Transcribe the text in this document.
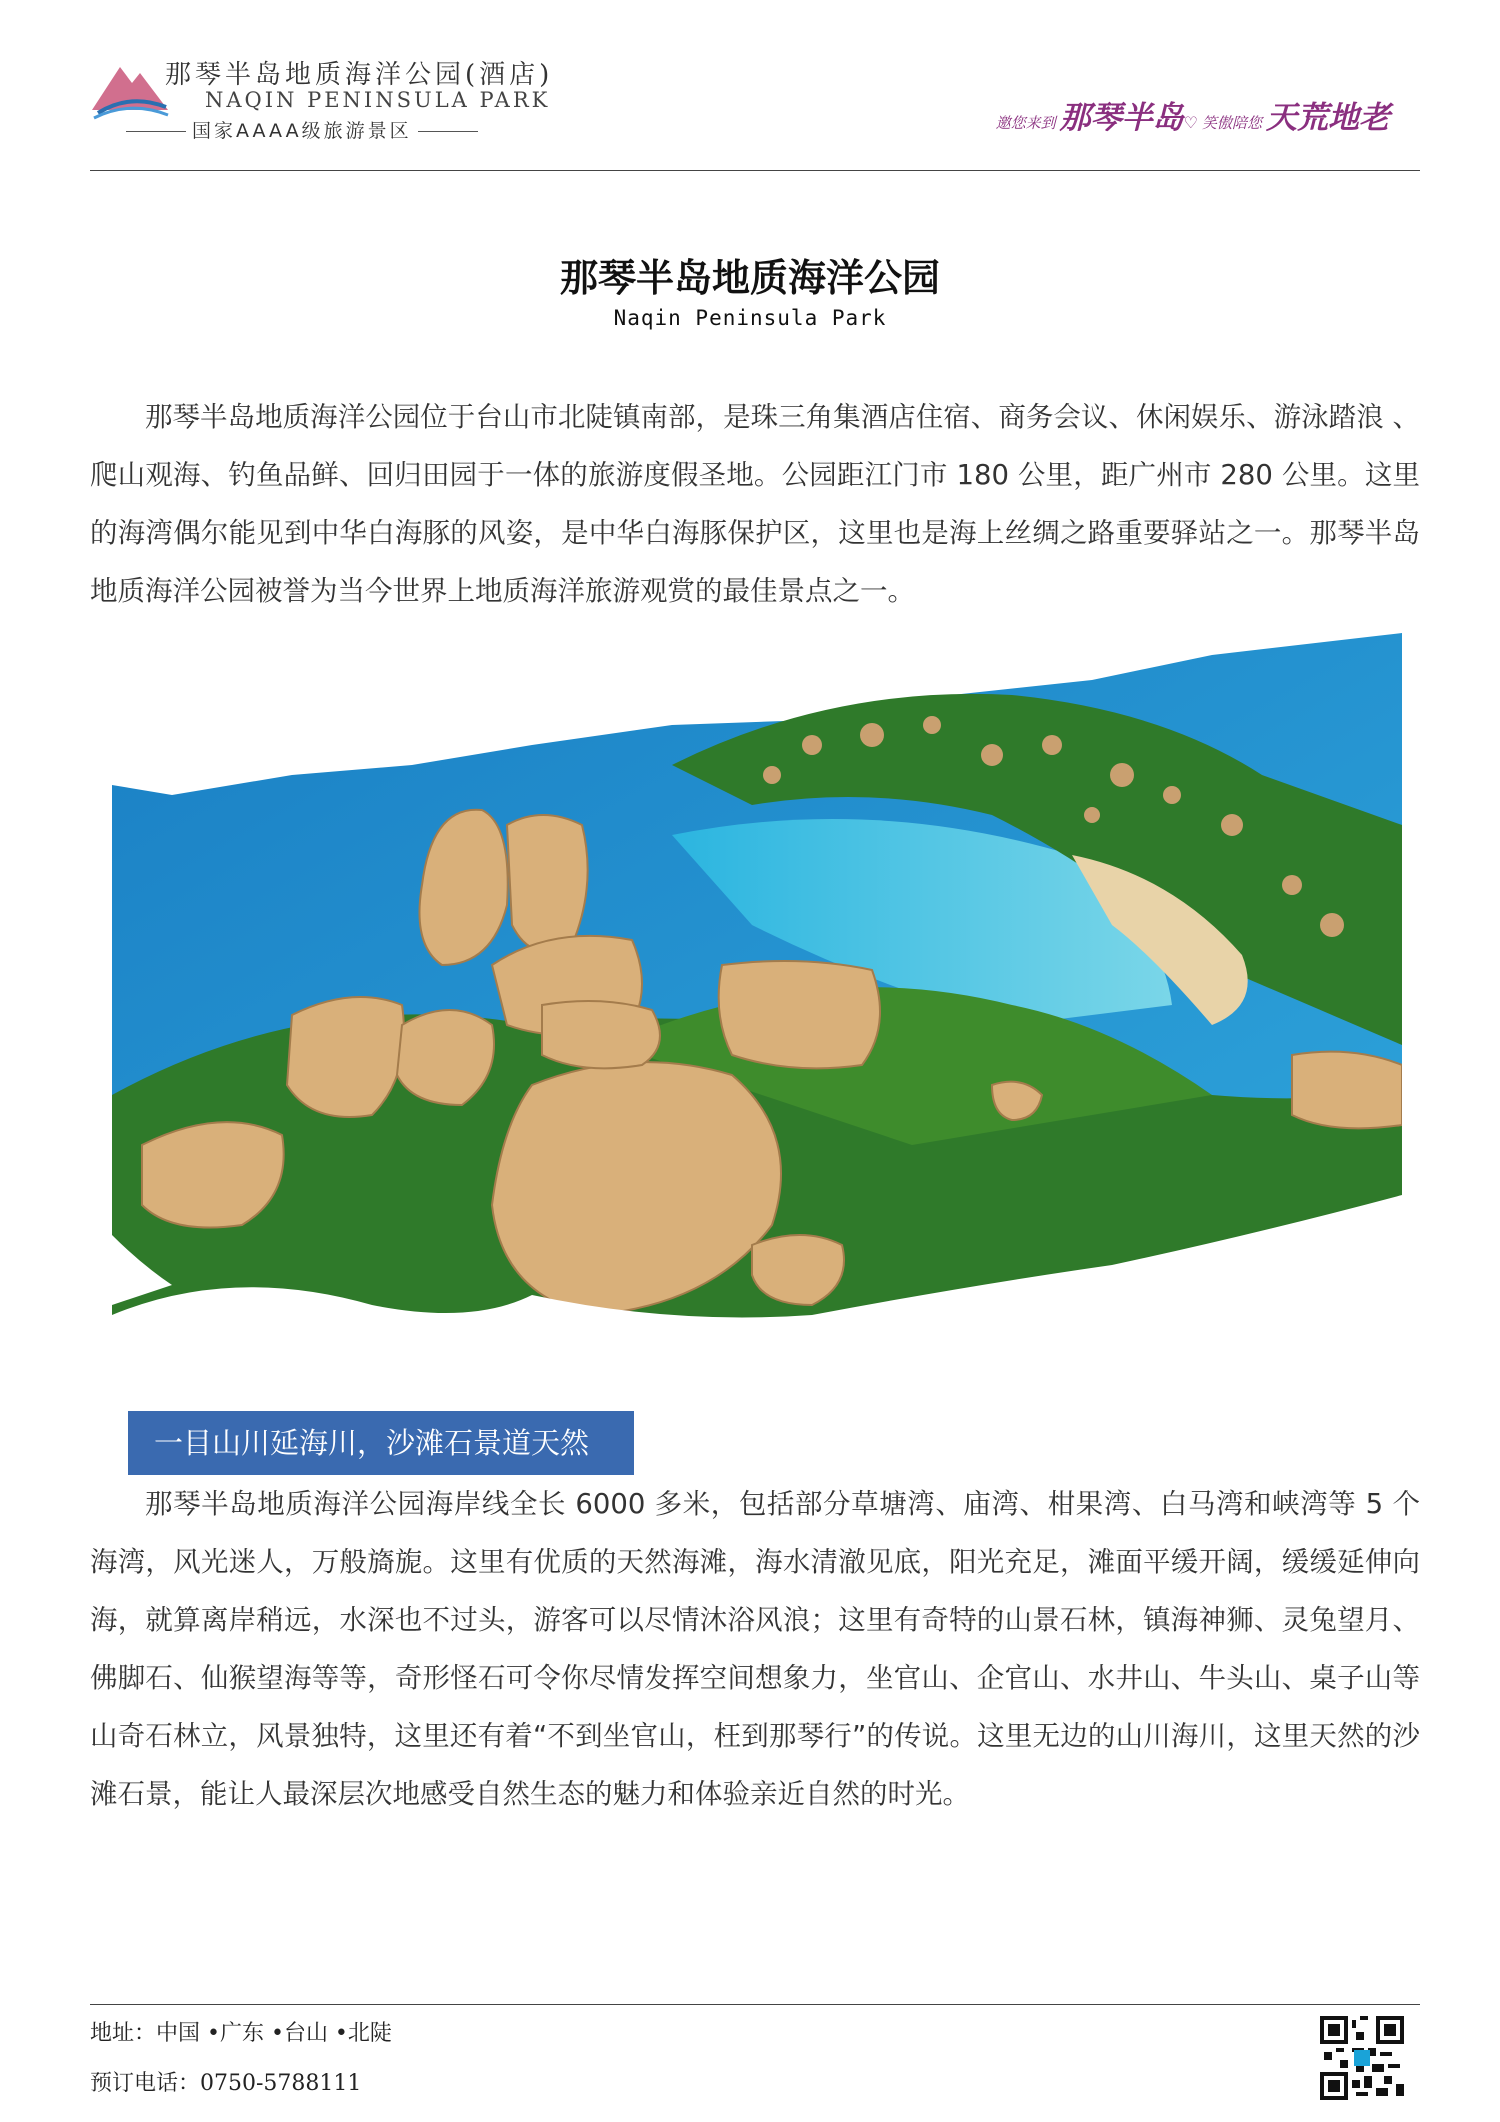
那琴半岛地质海洋公园(酒店)
NAQIN PENINSULA PARK
国家AAAA级旅游景区	邀您来到 那琴半岛♡ 笑傲陪您 天荒地老
那琴半岛地质海洋公园
Naqin Peninsula Park

那琴半岛地质海洋公园位于台山市北陡镇南部，是珠三角集酒店住宿、商务会议、休闲娱乐、游泳踏浪 、爬山观海、钓鱼品鲜、回归田园于一体的旅游度假圣地。公园距江门市 180 公里，距广州市 280 公里。这里的海湾偶尔能见到中华白海豚的风姿，是中华白海豚保护区，这里也是海上丝绸之路重要驿站之一。那琴半岛地质海洋公园被誉为当今世界上地质海洋旅游观赏的最佳景点之一。

一目山川延海川，沙滩石景道天然

那琴半岛地质海洋公园海岸线全长 6000 多米，包括部分草塘湾、庙湾、柑果湾、白马湾和峡湾等 5 个海湾，风光迷人，万般旖旎。这里有优质的天然海滩，海水清澈见底，阳光充足，滩面平缓开阔，缓缓延伸向海，就算离岸稍远，水深也不过头，游客可以尽情沐浴风浪；这里有奇特的山景石林，镇海神狮、灵兔望月、佛脚石、仙猴望海等等，奇形怪石可令你尽情发挥空间想象力，坐官山、企官山、水井山、牛头山、桌子山等山奇石林立，风景独特，这里还有着“不到坐官山，枉到那琴行”的传说。这里无边的山川海川，这里天然的沙滩石景，能让人最深层次地感受自然生态的魅力和体验亲近自然的时光。

地址：中国 •广东 •台山 •北陡
预订电话：0750-5788111
